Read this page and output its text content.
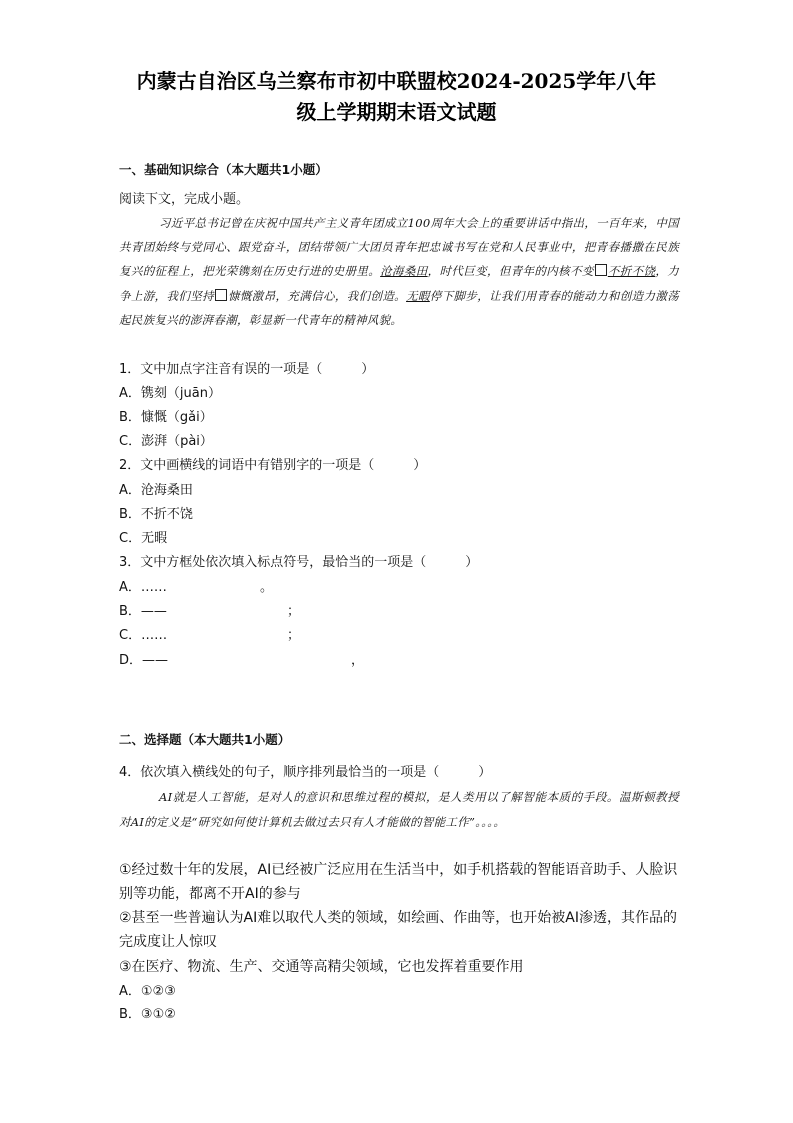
内蒙古自治区乌兰察布市初中联盟校2024-2025学年八年
级上学期期末语文试题
一、基础知识综合（本大题共1小题）
阅读下文，完成小题。
习近平总书记曾在庆祝中国共产主义青年团成立100周年大会上的重要讲话中指出，一百年来，中国共青团始终与党同心、跟党奋斗，团结带领广大团员青年把忠诚书写在党和人民事业中，把青春播撒在民族复兴的征程上，把光荣镌刻在历史行进的史册里。沧海桑田，时代巨变，但青年的内核不变 不折不饶，力争上游，我们坚持 慷慨激昂，充满信心，我们创造。无暇停下脚步，让我们用青春的能动力和创造力激荡起民族复兴的澎湃春潮，彰显新一代青年的精神风貌。
1．文中加点字注音有误的一项是（　　　）
A．镌刻（juān）
B．慷慨（gǎi）
C．澎湃（pài）
2．文中画横线的词语中有错别字的一项是（　　　）
A．沧海桑田
B．不折不饶
C．无暇
3．文中方框处依次填入标点符号，最恰当的一项是（　　　）
A．……	。
B．——	；
C．……	；
D．——	，
二、选择题（本大题共1小题）
4．依次填入横线处的句子，顺序排列最恰当的一项是（　　　）
AI就是人工智能，是对人的意识和思维过程的模拟，是人类用以了解智能本质的手段。温斯顿教授对AI的定义是“研究如何使计算机去做过去只有人才能做的智能工作”。。。。
①经过数十年的发展，AI已经被广泛应用在生活当中，如手机搭载的智能语音助手、人脸识别等功能，都离不开AI的参与
②甚至一些普遍认为AI难以取代人类的领域，如绘画、作曲等，也开始被AI渗透，其作品的完成度让人惊叹
③在医疗、物流、生产、交通等高精尖领域，它也发挥着重要作用
A．①②③
B．③①②
